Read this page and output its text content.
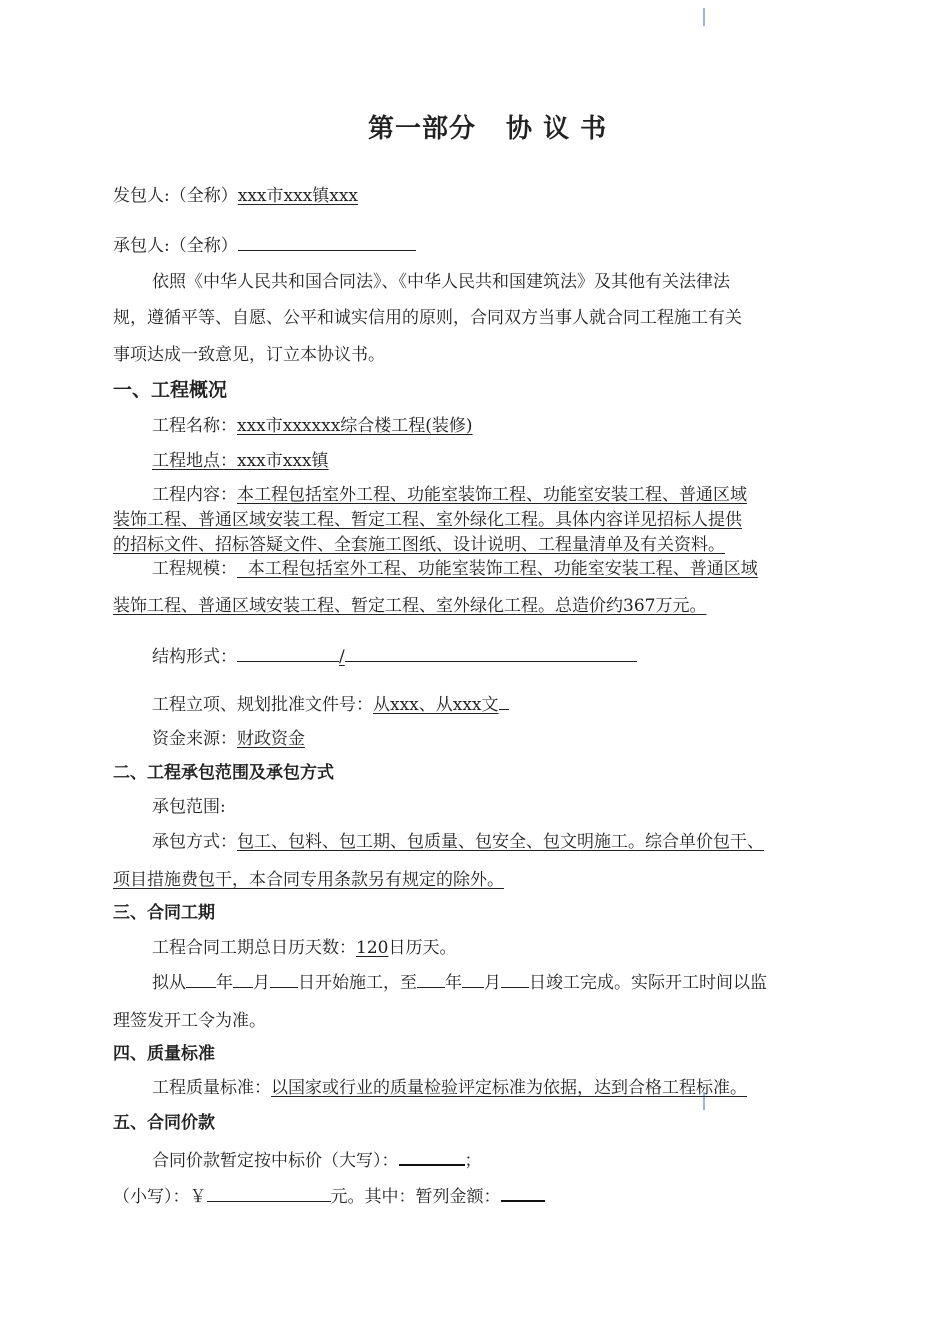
第一部分 协 议 书
发包人:（全称）xxx市xxx镇xxx
承包人:（全称）
依照《中华人民共和国合同法》、《中华人民共和国建筑法》及其他有关法律法
规，遵循平等、自愿、公平和诚实信用的原则，合同双方当事人就合同工程施工有关
事项达成一致意见，订立本协议书。
一、工程概况
工程名称：xxx市xxxxxx综合楼工程(装修)
工程地点：xxx市xxx镇
工程内容：本工程包括室外工程、功能室装饰工程、功能室安装工程、普通区域
装饰工程、普通区域安装工程、暂定工程、室外绿化工程。具体内容详见招标人提供
的招标文件、招标答疑文件、全套施工图纸、设计说明、工程量清单及有关资料。
工程规模：  本工程包括室外工程、功能室装饰工程、功能室安装工程、普通区域
装饰工程、普通区域安装工程、暂定工程、室外绿化工程。总造价约367万元。
结构形式：	/
工程立项、规划批准文件号：从xxx、从xxx文
资金来源：财政资金
二、工程承包范围及承包方式
承包范围:
承包方式：包工、包料、包工期、包质量、包安全、包文明施工。综合单价包干、
项目措施费包干，本合同专用条款另有规定的除外。
三、合同工期
工程合同工期总日历天数：120日历天。
拟从 年 月 日开始施工，至 年 月 日竣工完成。实际开工时间以监
理签发开工令为准。
四、质量标准
工程质量标准：以国家或行业的质量检验评定标准为依据，达到合格工程标准。
五、合同价款
合同价款暂定按中标价（大写）：	；
（小写）：￥	元。其中：暂列金额：
